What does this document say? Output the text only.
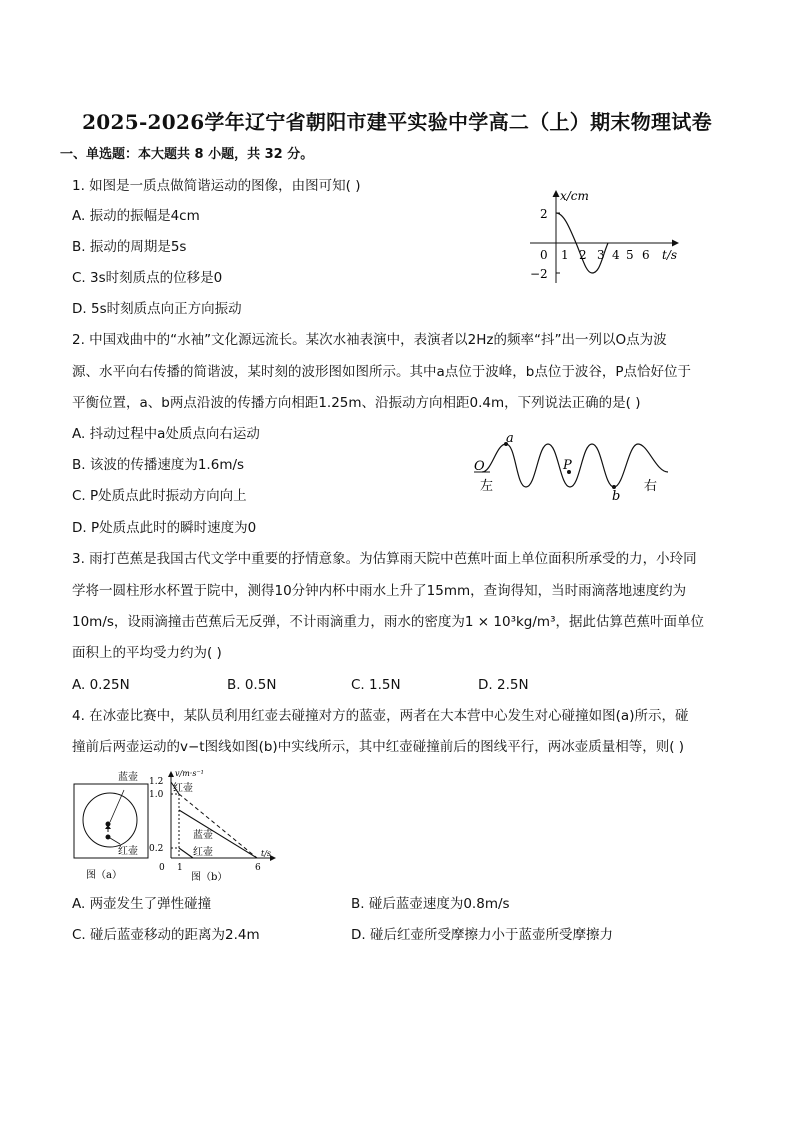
2025-2026学年辽宁省朝阳市建平实验中学高二（上）期末物理试卷
一、单选题：本大题共 8 小题，共 32 分。
1. 如图是一质点做简谐运动的图像，由图可知( )
A. 振动的振幅是4cm
B. 振动的周期是5s
C. 3s时刻质点的位移是0
D. 5s时刻质点向正方向振动
x/cm
t/s
2
−2
0 1 2 3 4 5 6
2. 中国戏曲中的“水袖”文化源远流长。某次水袖表演中，表演者以2Hz的频率“抖”出一列以O点为波
源、水平向右传播的简谐波，某时刻的波形图如图所示。其中a点位于波峰，b点位于波谷，P点恰好位于
平衡位置，a、b两点沿波的传播方向相距1.25m、沿振动方向相距0.4m，下列说法正确的是( )
A. 抖动过程中a处质点向右运动
B. 该波的传播速度为1.6m/s
C. P处质点此时振动方向向上
D. P处质点此时的瞬时速度为0
O
左
a
P
b
右
3. 雨打芭蕉是我国古代文学中重要的抒情意象。为估算雨天院中芭蕉叶面上单位面积所承受的力，小玲同
学将一圆柱形水杯置于院中，测得10分钟内杯中雨水上升了15mm，查询得知，当时雨滴落地速度约为
10m/s，设雨滴撞击芭蕉后无反弹，不计雨滴重力，雨水的密度为1 × 10³kg/m³，据此估算芭蕉叶面单位
面积上的平均受力约为( )
A. 0.25N	B. 0.5N	C. 1.5N	D. 2.5N
4. 在冰壶比赛中，某队员利用红壶去碰撞对方的蓝壶，两者在大本营中心发生对心碰撞如图(a)所示，碰
撞前后两壶运动的v−t图线如图(b)中实线所示，其中红壶碰撞前后的图线平行，两冰壶质量相等，则( )
蓝壶
红壶
图（a）
v/m·s⁻¹
t/s
1.2
1.0
0.2
0 1	6
红壶
蓝壶
红壶
图（b）
A. 两壶发生了弹性碰撞	B. 碰后蓝壶速度为0.8m/s
C. 碰后蓝壶移动的距离为2.4m	D. 碰后红壶所受摩擦力小于蓝壶所受摩擦力
